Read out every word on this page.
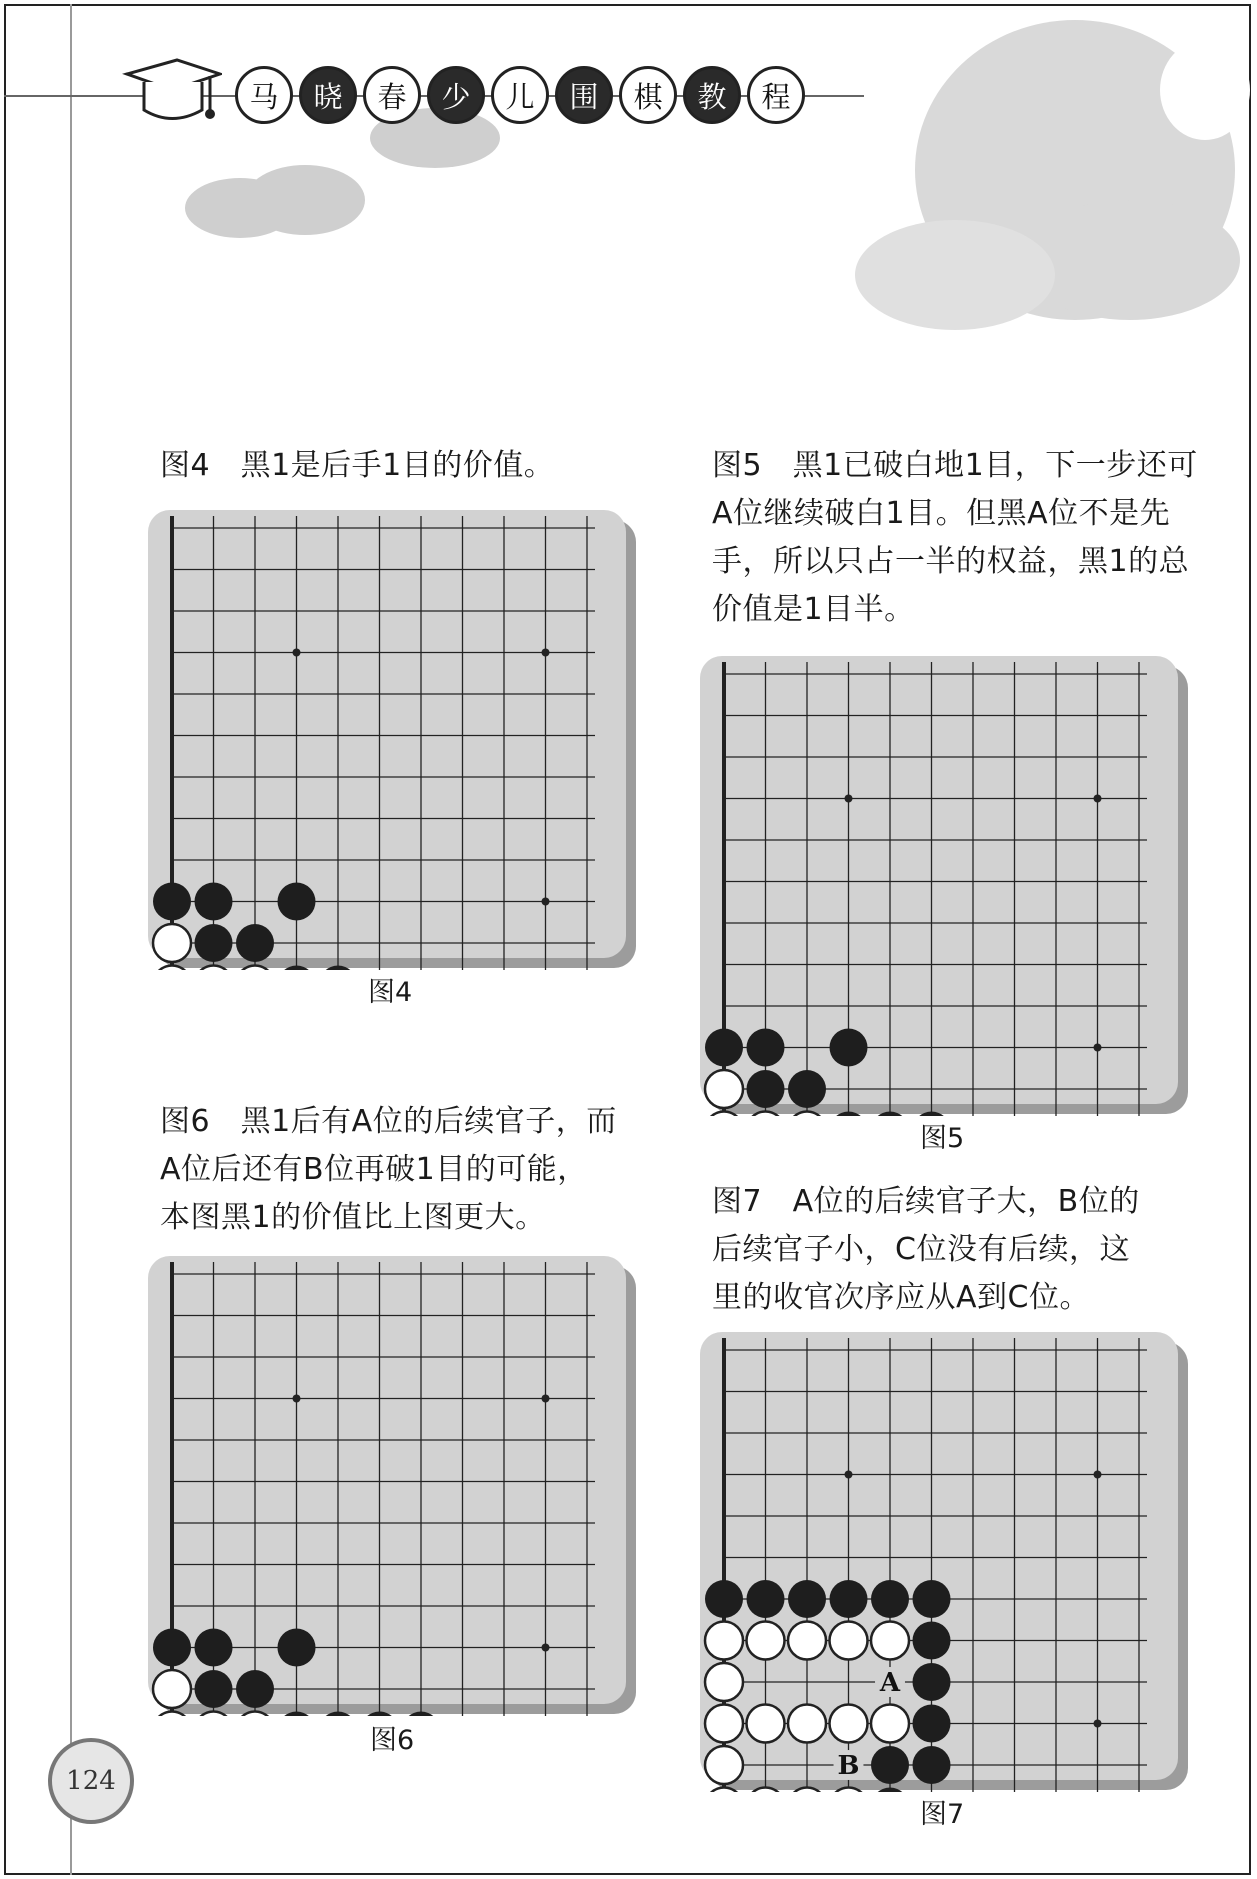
马	晓	春	少	儿	围	棋	教	程
图4　黑1是后手1目的价值。
图4
图5　黑1已破白地1目，下一步还可
A位继续破白1目。但黑A位不是先
手，所以只占一半的权益，黑1的总
价值是1目半。
图5
图6　黑1后有A位的后续官子，而
A位后还有B位再破1目的可能，
本图黑1的价值比上图更大。
图6
图7　A位的后续官子大，B位的
后续官子小，C位没有后续，这
里的收官次序应从A到C位。
A
B
图7
124
